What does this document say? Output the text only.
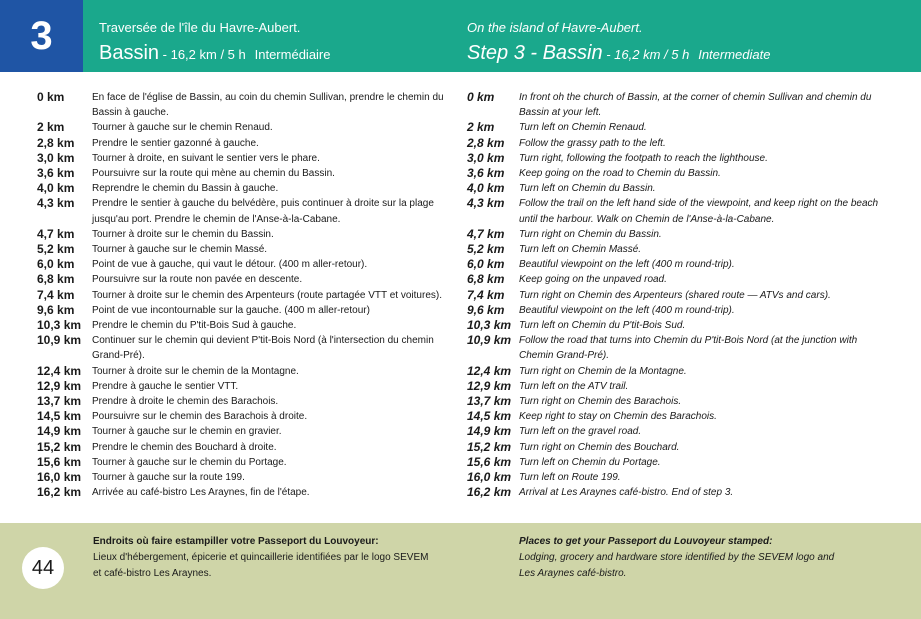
3	Traversée de l'île du Havre-Aubert.
Bassin - 16,2 km / 5 h Intermédiaire
On the island of Havre-Aubert.
Step 3 - Bassin - 16,2 km / 5 h Intermediate
0 km	En face de l'église de Bassin, au coin du chemin Sullivan, prendre le chemin du Bassin à gauche.
2 km	Tourner à gauche sur le chemin Renaud.
2,8 km	Prendre le sentier gazonné à gauche.
3,0 km	Tourner à droite, en suivant le sentier vers le phare.
3,6 km	Poursuivre sur la route qui mène au chemin du Bassin.
4,0 km	Reprendre le chemin du Bassin à gauche.
4,3 km	Prendre le sentier à gauche du belvédère, puis continuer à droite sur la plage jusqu'au port. Prendre le chemin de l'Anse-à-la-Cabane.
4,7 km	Tourner à droite sur le chemin du Bassin.
5,2 km	Tourner à gauche sur le chemin Massé.
6,0 km	Point de vue à gauche, qui vaut le détour. (400 m aller-retour).
6,8 km	Poursuivre sur la route non pavée en descente.
7,4 km	Tourner à droite sur le chemin des Arpenteurs (route partagée VTT et voitures).
9,6 km	Point de vue incontournable sur la gauche. (400 m aller-retour)
10,3 km	Prendre le chemin du P'tit-Bois Sud à gauche.
10,9 km	Continuer sur le chemin qui devient P'tit-Bois Nord (à l'intersection du chemin Grand-Pré).
12,4 km	Tourner à droite sur le chemin de la Montagne.
12,9 km	Prendre à gauche le sentier VTT.
13,7 km	Prendre à droite le chemin des Barachois.
14,5 km	Poursuivre sur le chemin des Barachois à droite.
14,9 km	Tourner à gauche sur le chemin en gravier.
15,2 km	Prendre le chemin des Bouchard à droite.
15,6 km	Tourner à gauche sur le chemin du Portage.
16,0 km	Tourner à gauche sur la route 199.
16,2 km	Arrivée au café-bistro Les Araynes, fin de l'étape.
0 km	In front oh the church of Bassin, at the corner of chemin Sullivan and chemin du Bassin at your left.
2 km	Turn left on Chemin Renaud.
2,8 km	Follow the grassy path to the left.
3,0 km	Turn right, following the footpath to reach the lighthouse.
3,6 km	Keep going on the road to Chemin du Bassin.
4,0 km	Turn left on Chemin du Bassin.
4,3 km	Follow the trail on the left hand side of the viewpoint, and keep right on the beach until the harbour. Walk on Chemin de l'Anse-à-la-Cabane.
4,7 km	Turn right on Chemin du Bassin.
5,2 km	Turn left on Chemin Massé.
6,0 km	Beautiful viewpoint on the left (400 m round-trip).
6,8 km	Keep going on the unpaved road.
7,4 km	Turn right on Chemin des Arpenteurs (shared route — ATVs and cars).
9,6 km	Beautiful viewpoint on the left (400 m round-trip).
10,3 km Turn left on Chemin du P'tit-Bois Sud.
10,9 km Follow the road that turns into Chemin du P'tit-Bois Nord (at the junction with Chemin Grand-Pré).
12,4 km Turn right on Chemin de la Montagne.
12,9 km Turn left on the ATV trail.
13,7 km Turn right on Chemin des Barachois.
14,5 km Keep right to stay on Chemin des Barachois.
14,9 km Turn left on the gravel road.
15,2 km Turn right on Chemin des Bouchard.
15,6 km Turn left on Chemin du Portage.
16,0 km Turn left on Route 199.
16,2 km Arrival at Les Araynes café-bistro. End of step 3.
44
Endroits où faire estampiller votre Passeport du Louvoyeur:
Lieux d'hébergement, épicerie et quincaillerie identifiées par le logo SEVEM
et café-bistro Les Araynes.
Places to get your Passeport du Louvoyeur stamped:
Lodging, grocery and hardware store identified by the SEVEM logo and
Les Araynes café-bistro.
